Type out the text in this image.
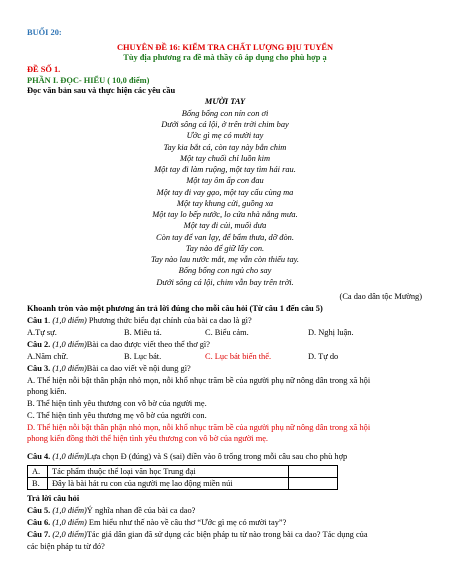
BUỔI 20:
CHUYÊN ĐỀ 16: KIỂM TRA CHẤT LƯỢNG ĐỊU TUYỂN
Tùy địa phương ra đề mà thầy cô áp dụng cho phù hợp ạ
ĐỀ SỐ 1.
PHẦN I. ĐỌC- HIỂU ( 10,0 điểm)
Đọc văn bản sau và thực hiện các yêu cầu
MƯỜI TAY
Bống bống con nín con ơi
Dưới sông cá lội, ở trên trời chim bay
Ước gì mẹ có mười tay
Tay kia bắt cá, còn tay này bắn chim
Một tay chuối chỉ luồn kim
Một tay đi làm ruộng, một tay tìm hái rau.
Một tay ôm ấp con đau
Một tay đi vay gạo, một tay cấu cùng ma
Một tay khung cửi, guồng xa
Một tay lo bếp nước, lo cửa nhà nắng mưa.
Một tay đi củi, muối dưa
Còn tay để van lạy, để bẩm thưa, dỡ đòn.
Tay nào để giữ lấy con.
Tay nào lau nước mắt, mẹ vẫn còn thiếu tay.
Bống bống con ngủ cho say
Dưới sông cá lội, chim vẫn bay trên trời.
(Ca dao dân tộc Mường)
Khoanh tròn vào một phương án trả lời đúng cho mỗi câu hỏi (Từ câu 1 đến câu 5)
Câu 1. (1,0 điểm) Phương thức biểu đạt chính của bài ca dao là gì?
A.Tự sự.	B. Miêu tả.	C. Biểu cảm.	D. Nghị luận.
Câu 2. (1,0 điểm)Bài ca dao được viết theo thể thơ gì?
A.Năm chữ.	B. Lục bát.	C. Lục bát biến thể.	D. Tự do
Câu 3. (1,0 điểm)Bài ca dao viết về nội dung gì?
A. Thể hiện nỗi bật thân phận nhỏ mọn, nỗi khổ nhục trăm bề của người phụ nữ nông dân trong xã hội
phong kiến.
B. Thể hiện tình yêu thương con vô bờ của người mẹ.
C. Thể hiện tình yêu thương mẹ vô bờ của người con.
D. Thể hiện nỗi bật thân phận nhỏ mọn, nỗi khổ nhục trăm bề của người phụ nữ nông dân trong xã hội
phong kiến đồng thời thể hiện tình yêu thương con vô bờ của người mẹ.
Câu 4. (1,0 điểm)Lựa chọn Đ (đúng) và S (sai) điền vào ô trống trong mỗi câu sau cho phù hợp
A.	Tác phẩm thuộc thể loại văn học Trung đại	
B.	Đây là bài hát ru con của người mẹ lao động miền núi	
Trả lời câu hỏi
Câu 5. (1,0 điểm)Ý nghĩa nhan đề của bài ca dao?
Câu 6. (1,0 điểm) Em hiểu như thế nào về câu thơ “Ước gì mẹ có mười tay”?
Câu 7. (2,0 điểm)Tác giả dân gian đã sử dụng các biện pháp tu từ nào trong bài ca dao? Tác dụng của
các biện pháp tu từ đó?
